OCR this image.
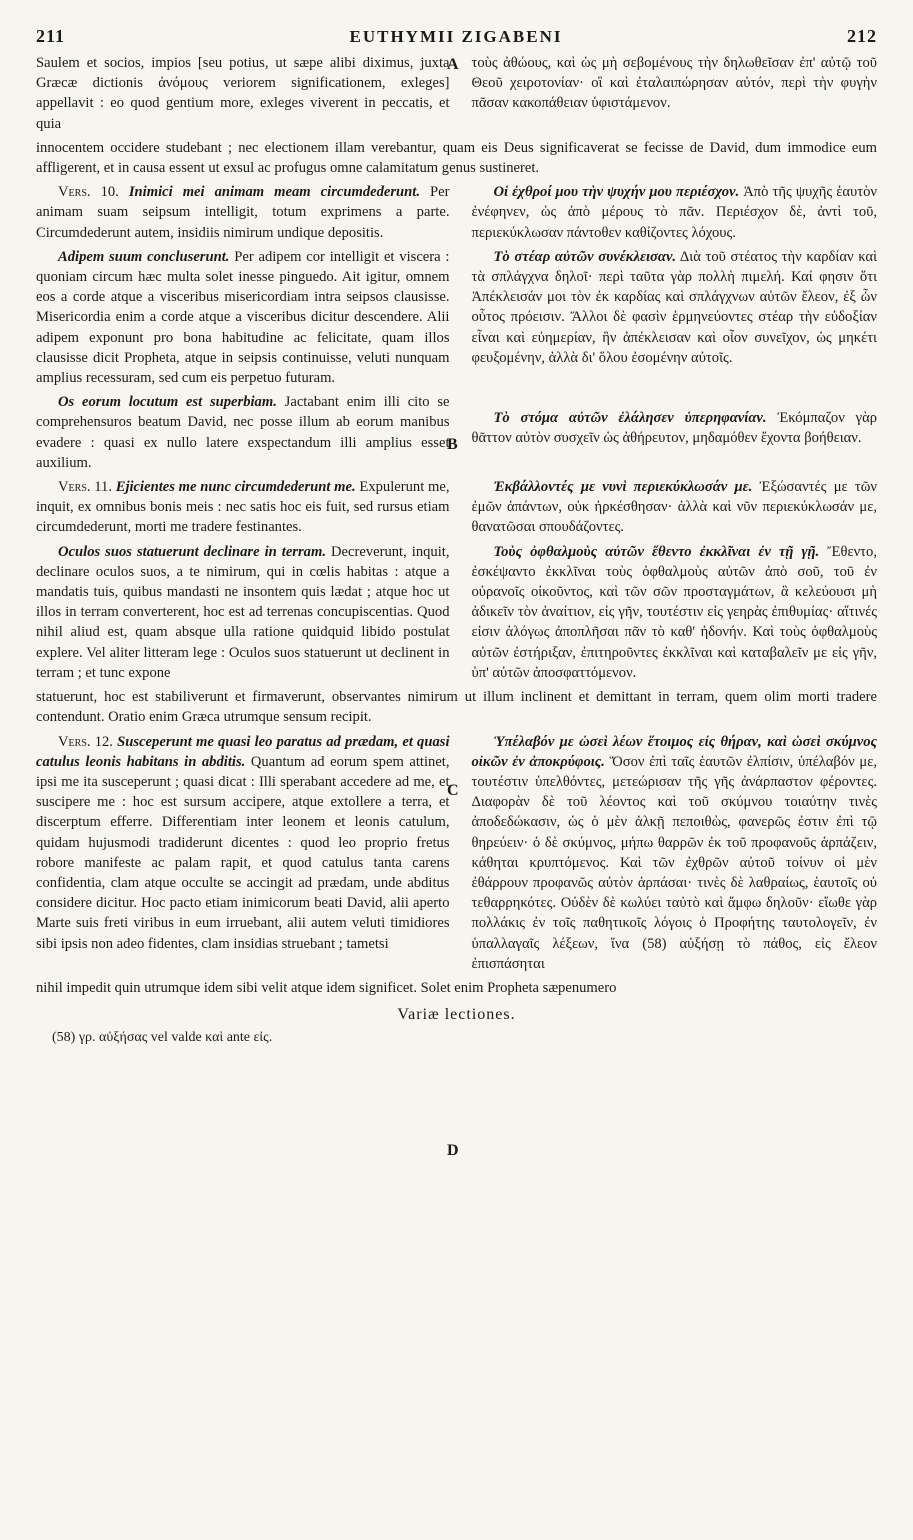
211	EUTHYMII ZIGABENI	212
A
B
C
D

Saulem et socios, impios [seu potius, ut sæpe alibi diximus, juxta Græcæ dictionis ἀνόμους veriorem significationem, exleges] appellavit : eo quod gentium more, exleges viverent in peccatis, et quia

τοὺς ἀθώους, καὶ ὡς μὴ σεβομένους τὴν δηλωθεῖσαν ἐπ' αὐτῷ τοῦ Θεοῦ χειροτονίαν· οἳ καὶ ἐταλαιπώρησαν αὐτόν, περὶ τὴν φυγὴν πᾶσαν κακοπάθειαν ὑφιστάμενον.

innocentem occidere studebant ; nec electionem illam verebantur, quam eis Deus significaverat se fecisse de David, dum immodice eum affligerent, et in causa essent ut exsul ac profugus omne calamitatum genus sustineret.

Vers. 10. Inimici mei animam meam circumdederunt. Per animam suam seipsum intelligit, totum exprimens a parte. Circumdederunt autem, insidiis nimirum undique depositis.

Adipem suum concluserunt. Per adipem cor intelligit et viscera : quoniam circum hæc multa solet inesse pinguedo. Ait igitur, omnem eos a corde atque a visceribus misericordiam intra seipsos clausisse. Misericordia enim a corde atque a visceribus dicitur descendere. Alii adipem exponunt pro bona habitudine ac felicitate, quam illos clausisse dicit Propheta, atque in seipsis continuisse, veluti nunquam amplius recessuram, sed cum eis perpetuo futuram.

Os eorum locutum est superbiam. Jactabant enim illi cito se comprehensuros beatum David, nec posse illum ab eorum manibus evadere : quasi ex nullo latere exspectandum illi amplius esset auxilium.

Οἱ ἐχθροί μου τὴν ψυχήν μου περιέσχον. Ἀπὸ τῆς ψυχῆς ἑαυτὸν ἐνέφηνεν, ὡς ἀπὸ μέρους τὸ πᾶν. Περιέσχον δὲ, ἀντὶ τοῦ, περιεκύκλωσαν πάντοθεν καθίζοντες λόχους.

Τὸ στέαρ αὐτῶν συνέκλεισαν. Διὰ τοῦ στέατος τὴν καρδίαν καὶ τὰ σπλάγχνα δηλοῖ· περὶ ταῦτα γὰρ πολλὴ πιμελή. Καί φησιν ὅτι Ἀπέκλεισάν μοι τὸν ἐκ καρδίας καὶ σπλάγχνων αὐτῶν ἔλεον, ἐξ ὧν οὗτος πρόεισιν. Ἄλλοι δὲ φασὶν ἑρμηνεύοντες στέαρ τὴν εὐδοξίαν εἶναι καὶ εὐημερίαν, ἣν ἀπέκλεισαν καὶ οἷον συνεῖχον, ὡς μηκέτι φευξομένην, ἀλλὰ δι' ὅλου ἐσομένην αὐτοῖς.

Τὸ στόμα αὐτῶν ἐλάλησεν ὑπερηφανίαν. Ἐκόμπαζον γὰρ θᾶττον αὐτὸν συσχεῖν ὡς ἀθήρευτον, μηδαμόθεν ἔχοντα βοήθειαν.

Vers. 11. Ejicientes me nunc circumdederunt me. Expulerunt me, inquit, ex omnibus bonis meis : nec satis hoc eis fuit, sed rursus etiam circumdederunt, morti me tradere festinantes.

Oculos suos statuerunt declinare in terram. Decreverunt, inquit, declinare oculos suos, a te nimirum, qui in cœlis habitas : atque a mandatis tuis, quibus mandasti ne insontem quis lædat ; atque hoc ut illos in terram converterent, hoc est ad terrenas concupiscentias. Quod nihil aliud est, quam absque ulla ratione quidquid libido postulat explere. Vel aliter litteram lege : Oculos suos statuerunt ut declinent in terram ; et tunc expone

Ἐκβάλλοντές με νυνὶ περιεκύκλωσάν με. Ἐξώσαντές με τῶν ἐμῶν ἁπάντων, οὐκ ἠρκέσθησαν· ἀλλὰ καὶ νῦν περιεκύκλωσάν με, θανατῶσαι σπουδάζοντες.

Τοὺς ὀφθαλμοὺς αὐτῶν ἔθεντο ἐκκλῖναι ἐν τῇ γῇ. Ἔθεντο, ἐσκέψαντο ἐκκλῖναι τοὺς ὀφθαλμοὺς αὐτῶν ἀπὸ σοῦ, τοῦ ἐν οὐρανοῖς οἰκοῦντος, καὶ τῶν σῶν προσταγμάτων, ἃ κελεύουσι μὴ ἀδικεῖν τὸν ἀναίτιον, εἰς γῆν, τουτέστιν εἰς γεηρὰς ἐπιθυμίας· αἵτινές εἰσιν ἀλόγως ἀποπλῆσαι πᾶν τὸ καθ' ἡδονήν. Καὶ τοὺς ὀφθαλμοὺς αὐτῶν ἐστήριξαν, ἐπιτηροῦντες ἐκκλῖναι καὶ καταβαλεῖν με εἰς γῆν, ὑπ' αὐτῶν ἀποσφαττόμενον.

statuerunt, hoc est stabiliverunt et firmaverunt, observantes nimirum ut illum inclinent et demittant in terram, quem olim morti tradere contendunt. Oratio enim Græca utrumque sensum recipit.

Vers. 12. Susceperunt me quasi leo paratus ad prædam, et quasi catulus leonis habitans in abditis. Quantum ad eorum spem attinet, ipsi me ita susceperunt ; quasi dicat : Illi sperabant accedere ad me, et suscipere me : hoc est sursum accipere, atque extollere a terra, et discerptum efferre. Differentiam inter leonem et leonis catulum, quidam hujusmodi tradiderunt dicentes : quod leo proprio fretus robore manifeste ac palam rapit, et quod catulus tanta carens confidentia, clam atque occulte se accingit ad prædam, unde abditus considere dicitur. Hoc pacto etiam inimicorum beati David, alii aperto Marte suis freti viribus in eum irruebant, alii autem veluti timidiores sibi ipsis non adeo fidentes, clam insidias struebant ; tametsi

Ὑπέλαβόν με ὡσεὶ λέων ἕτοιμος εἰς θήραν, καὶ ὡσεὶ σκύμνος οἰκῶν ἐν ἀποκρύφοις. Ὅσον ἐπὶ ταῖς ἑαυτῶν ἐλπίσιν, ὑπέλαβόν με, τουτέστιν ὑπελθόντες, μετεώρισαν τῆς γῆς ἀνάρπαστον φέροντες. Διαφορὰν δὲ τοῦ λέοντος καὶ τοῦ σκύμνου τοιαύτην τινὲς ἀποδεδώκασιν, ὡς ὁ μὲν ἀλκῇ πεποιθὼς, φανερῶς ἐστιν ἐπὶ τῷ θηρεύειν· ὁ δὲ σκύμνος, μήπω θαρρῶν ἐκ τοῦ προφανοῦς ἁρπάζειν, κάθηται κρυπτόμενος. Καὶ τῶν ἐχθρῶν αὐτοῦ τοίνυν οἱ μὲν ἐθάρρουν προφανῶς αὐτὸν ἁρπάσαι· τινὲς δὲ λαθραίως, ἑαυτοῖς οὐ τεθαρρηκότες. Οὐδὲν δὲ κωλύει ταὐτὸ καὶ ἄμφω δηλοῦν· εἴωθε γὰρ πολλάκις ἐν τοῖς παθητικοῖς λόγοις ὁ Προφήτης ταυτολογεῖν, ἐν ὑπαλλαγαῖς λέξεων, ἵνα (58) αὐξήσῃ τὸ πάθος, εἰς ἔλεον ἐπισπάσηται

nihil impedit quin utrumque idem sibi velit atque idem significet. Solet enim Propheta sæpenumero

Variæ lectiones.
(58) γρ. αὐξήσας vel valde καὶ ante εἰς.
